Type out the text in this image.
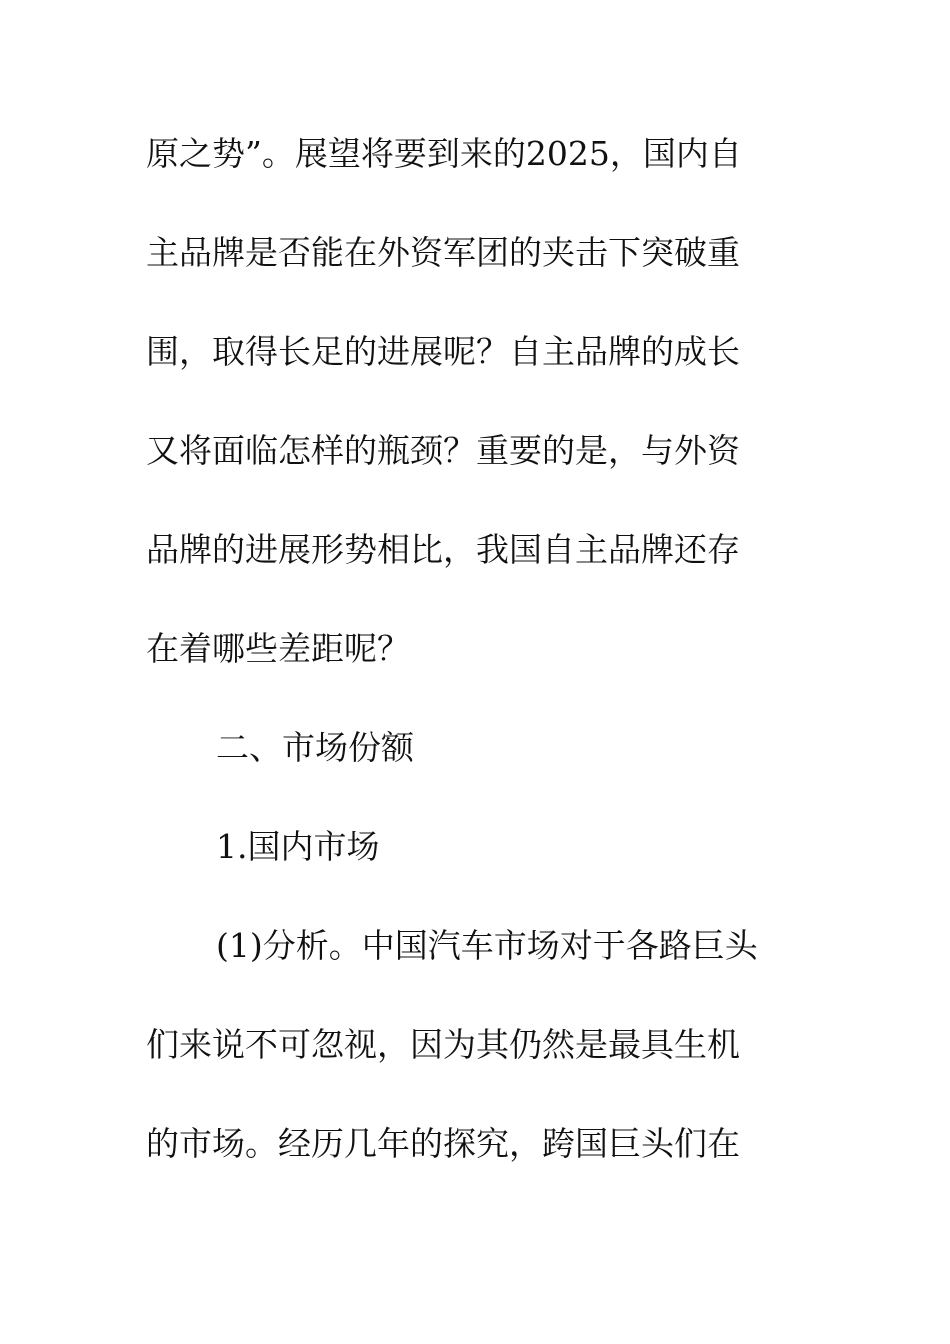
原之势”。展望将要到来的2025，国内自
主品牌是否能在外资军团的夹击下突破重
围，取得长足的进展呢？自主品牌的成长
又将面临怎样的瓶颈？重要的是，与外资
品牌的进展形势相比，我国自主品牌还存
在着哪些差距呢？
二、市场份额
1.国内市场
(1)分析。中国汽车市场对于各路巨头
们来说不可忽视，因为其仍然是最具生机
的市场。经历几年的探究，跨国巨头们在
